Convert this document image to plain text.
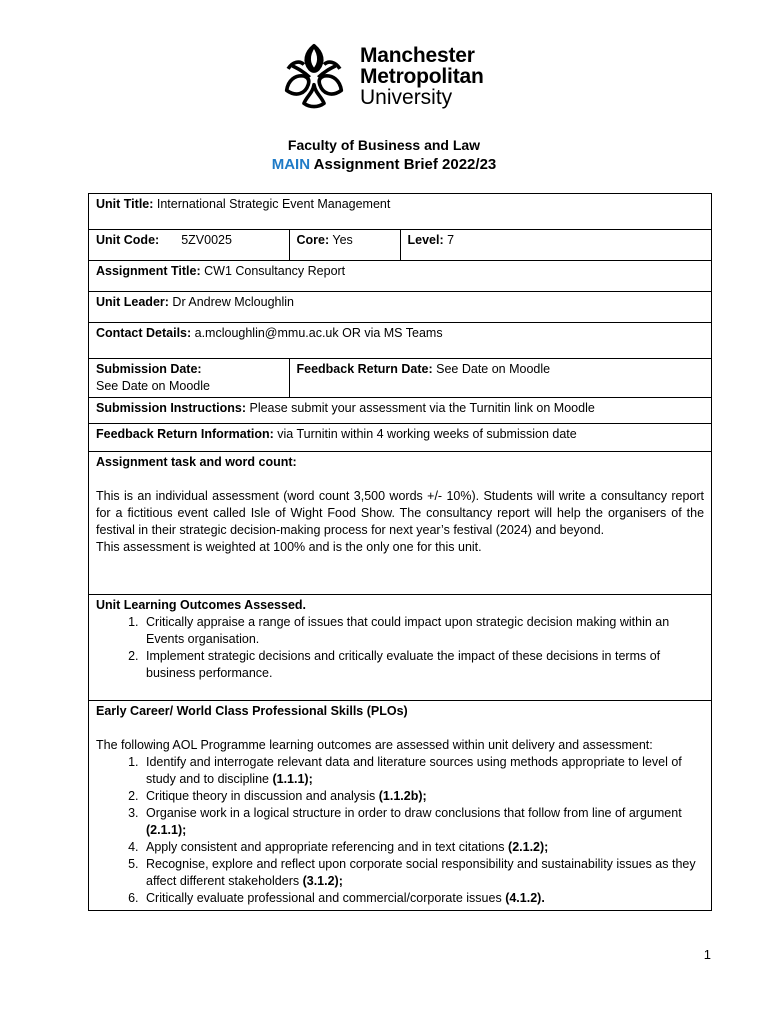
Manchester
Metropolitan
University
Faculty of Business and Law
MAIN Assignment Brief 2022/23
Unit Title: International Strategic Event Management

Unit Code: 5ZV0025	Core: Yes	Level: 7

Assignment Title: CW1 Consultancy Report
Unit Leader: Dr Andrew Mcloughlin
Contact Details: a.mcloughlin@mmu.ac.uk OR via MS Teams

Submission Date:
See Date on Moodle
	Feedback Return Date: See Date on Moodle

Submission Instructions: Please submit your assessment via the Turnitin link on Moodle
Feedback Return Information: via Turnitin within 4 working weeks of submission date

Assignment task and word count:

This is an individual assessment (word count 3,500 words +/- 10%). Students will write a consultancy report for a fictitious event called Isle of Wight Food Show. The consultancy report will help the organisers of the festival in their strategic decision-making process for next year’s festival (2024) and beyond.

This assessment is weighted at 100% and is the only one for this unit.

Unit Learning Outcomes Assessed.

1. Critically appraise a range of issues that could impact upon strategic decision making within an Events organisation.
2. Implement strategic decisions and critically evaluate the impact of these decisions in terms of business performance.

Early Career/ World Class Professional Skills (PLOs)

The following AOL Programme learning outcomes are assessed within unit delivery and assessment:

1. Identify and interrogate relevant data and literature sources using methods appropriate to level of study and to discipline (1.1.1);
2. Critique theory in discussion and analysis (1.1.2b);
3. Organise work in a logical structure in order to draw conclusions that follow from line of argument (2.1.1);
4. Apply consistent and appropriate referencing and in text citations (2.1.2);
5. Recognise, explore and reflect upon corporate social responsibility and sustainability issues as they affect different stakeholders (3.1.2);
6. Critically evaluate professional and commercial/corporate issues (4.1.2).
1
